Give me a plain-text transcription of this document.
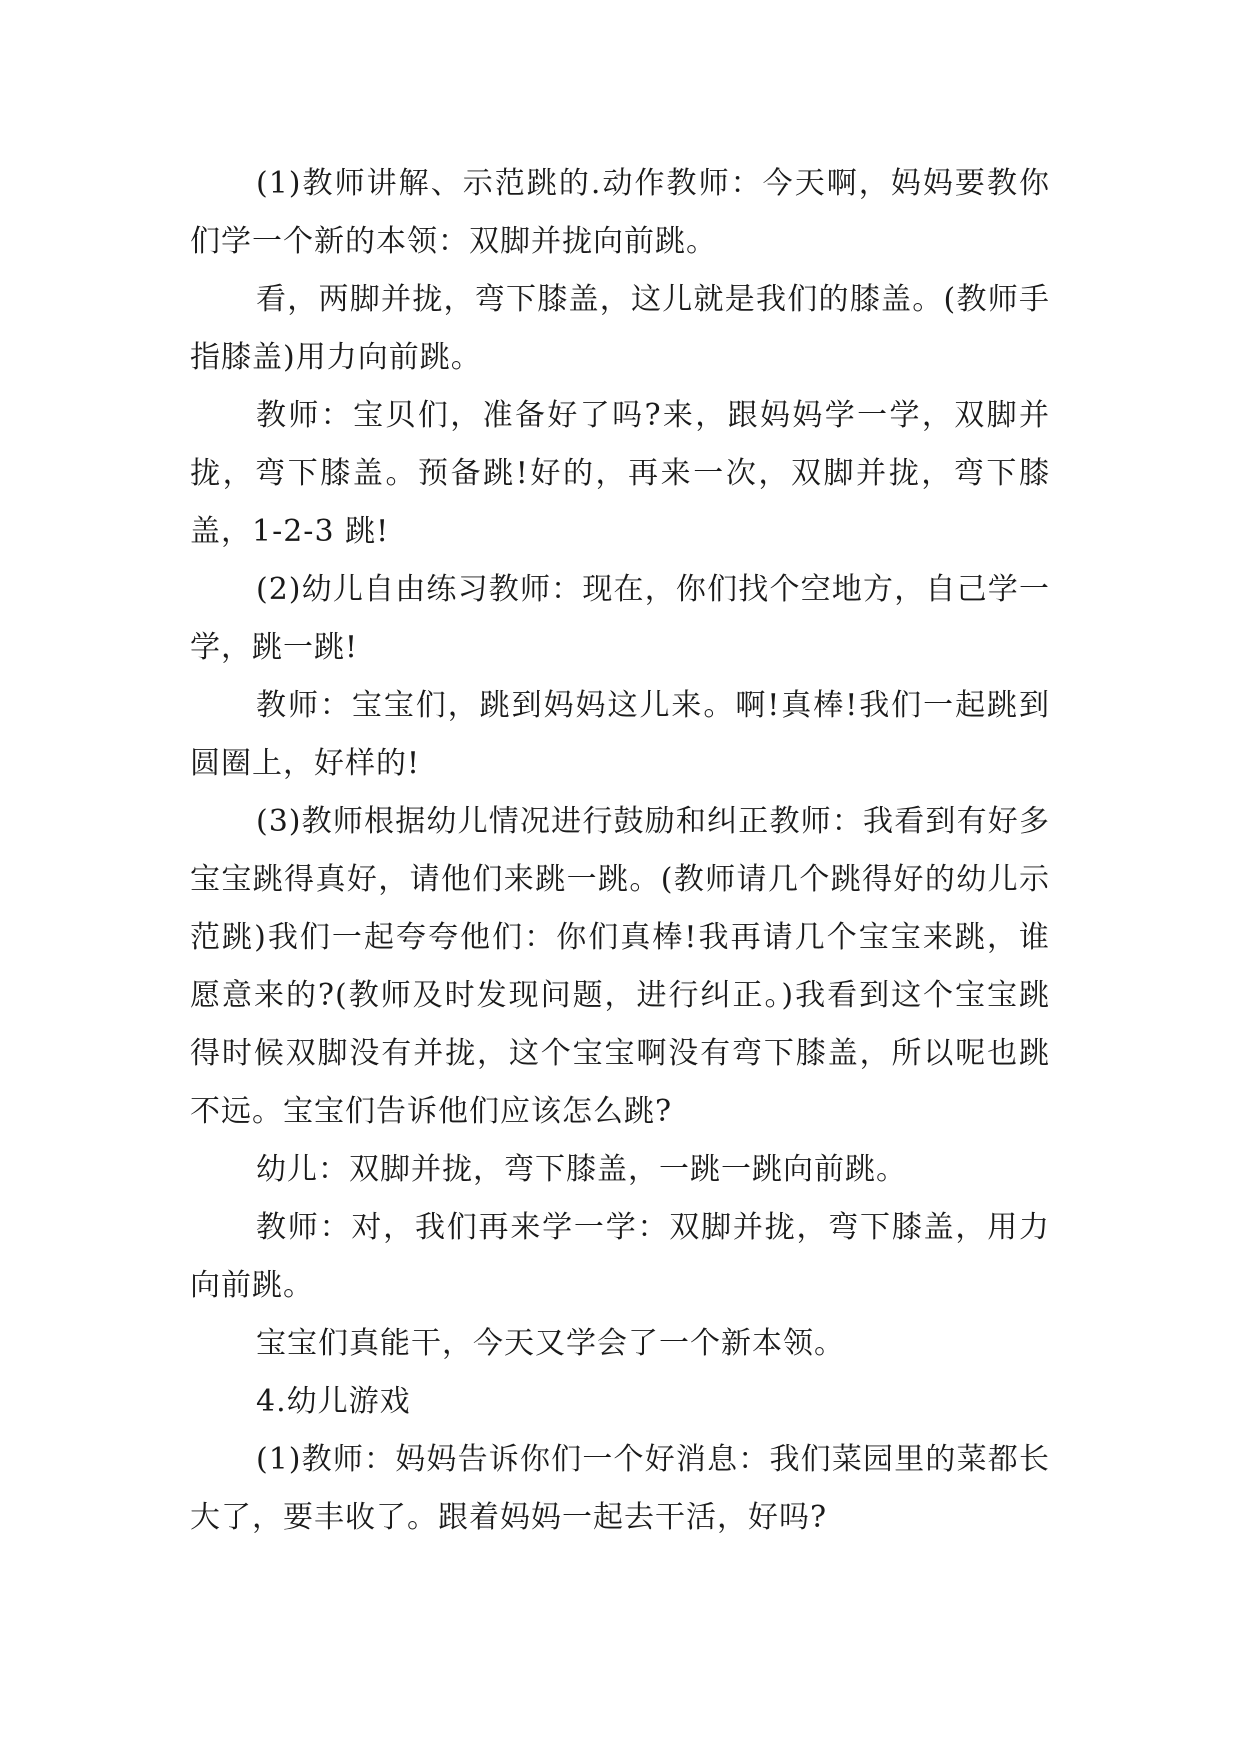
(1)教师讲解、示范跳的.动作教师：今天啊，妈妈要教你们学一个新的本领：双脚并拢向前跳。

看，两脚并拢，弯下膝盖，这儿就是我们的膝盖。(教师手指膝盖)用力向前跳。

教师：宝贝们，准备好了吗?来，跟妈妈学一学，双脚并拢，弯下膝盖。预备跳!好的，再来一次，双脚并拢，弯下膝盖，1-2-3 跳!

(2)幼儿自由练习教师：现在，你们找个空地方，自己学一学，跳一跳!

教师：宝宝们，跳到妈妈这儿来。啊!真棒!我们一起跳到圆圈上，好样的!

(3)教师根据幼儿情况进行鼓励和纠正教师：我看到有好多宝宝跳得真好，请他们来跳一跳。(教师请几个跳得好的幼儿示范跳)我们一起夸夸他们：你们真棒!我再请几个宝宝来跳，谁愿意来的?(教师及时发现问题，进行纠正。)我看到这个宝宝跳得时候双脚没有并拢，这个宝宝啊没有弯下膝盖，所以呢也跳不远。宝宝们告诉他们应该怎么跳?

幼儿：双脚并拢，弯下膝盖，一跳一跳向前跳。

教师：对，我们再来学一学：双脚并拢，弯下膝盖，用力向前跳。

宝宝们真能干，今天又学会了一个新本领。

4.幼儿游戏

(1)教师：妈妈告诉你们一个好消息：我们菜园里的菜都长大了，要丰收了。跟着妈妈一起去干活，好吗?
